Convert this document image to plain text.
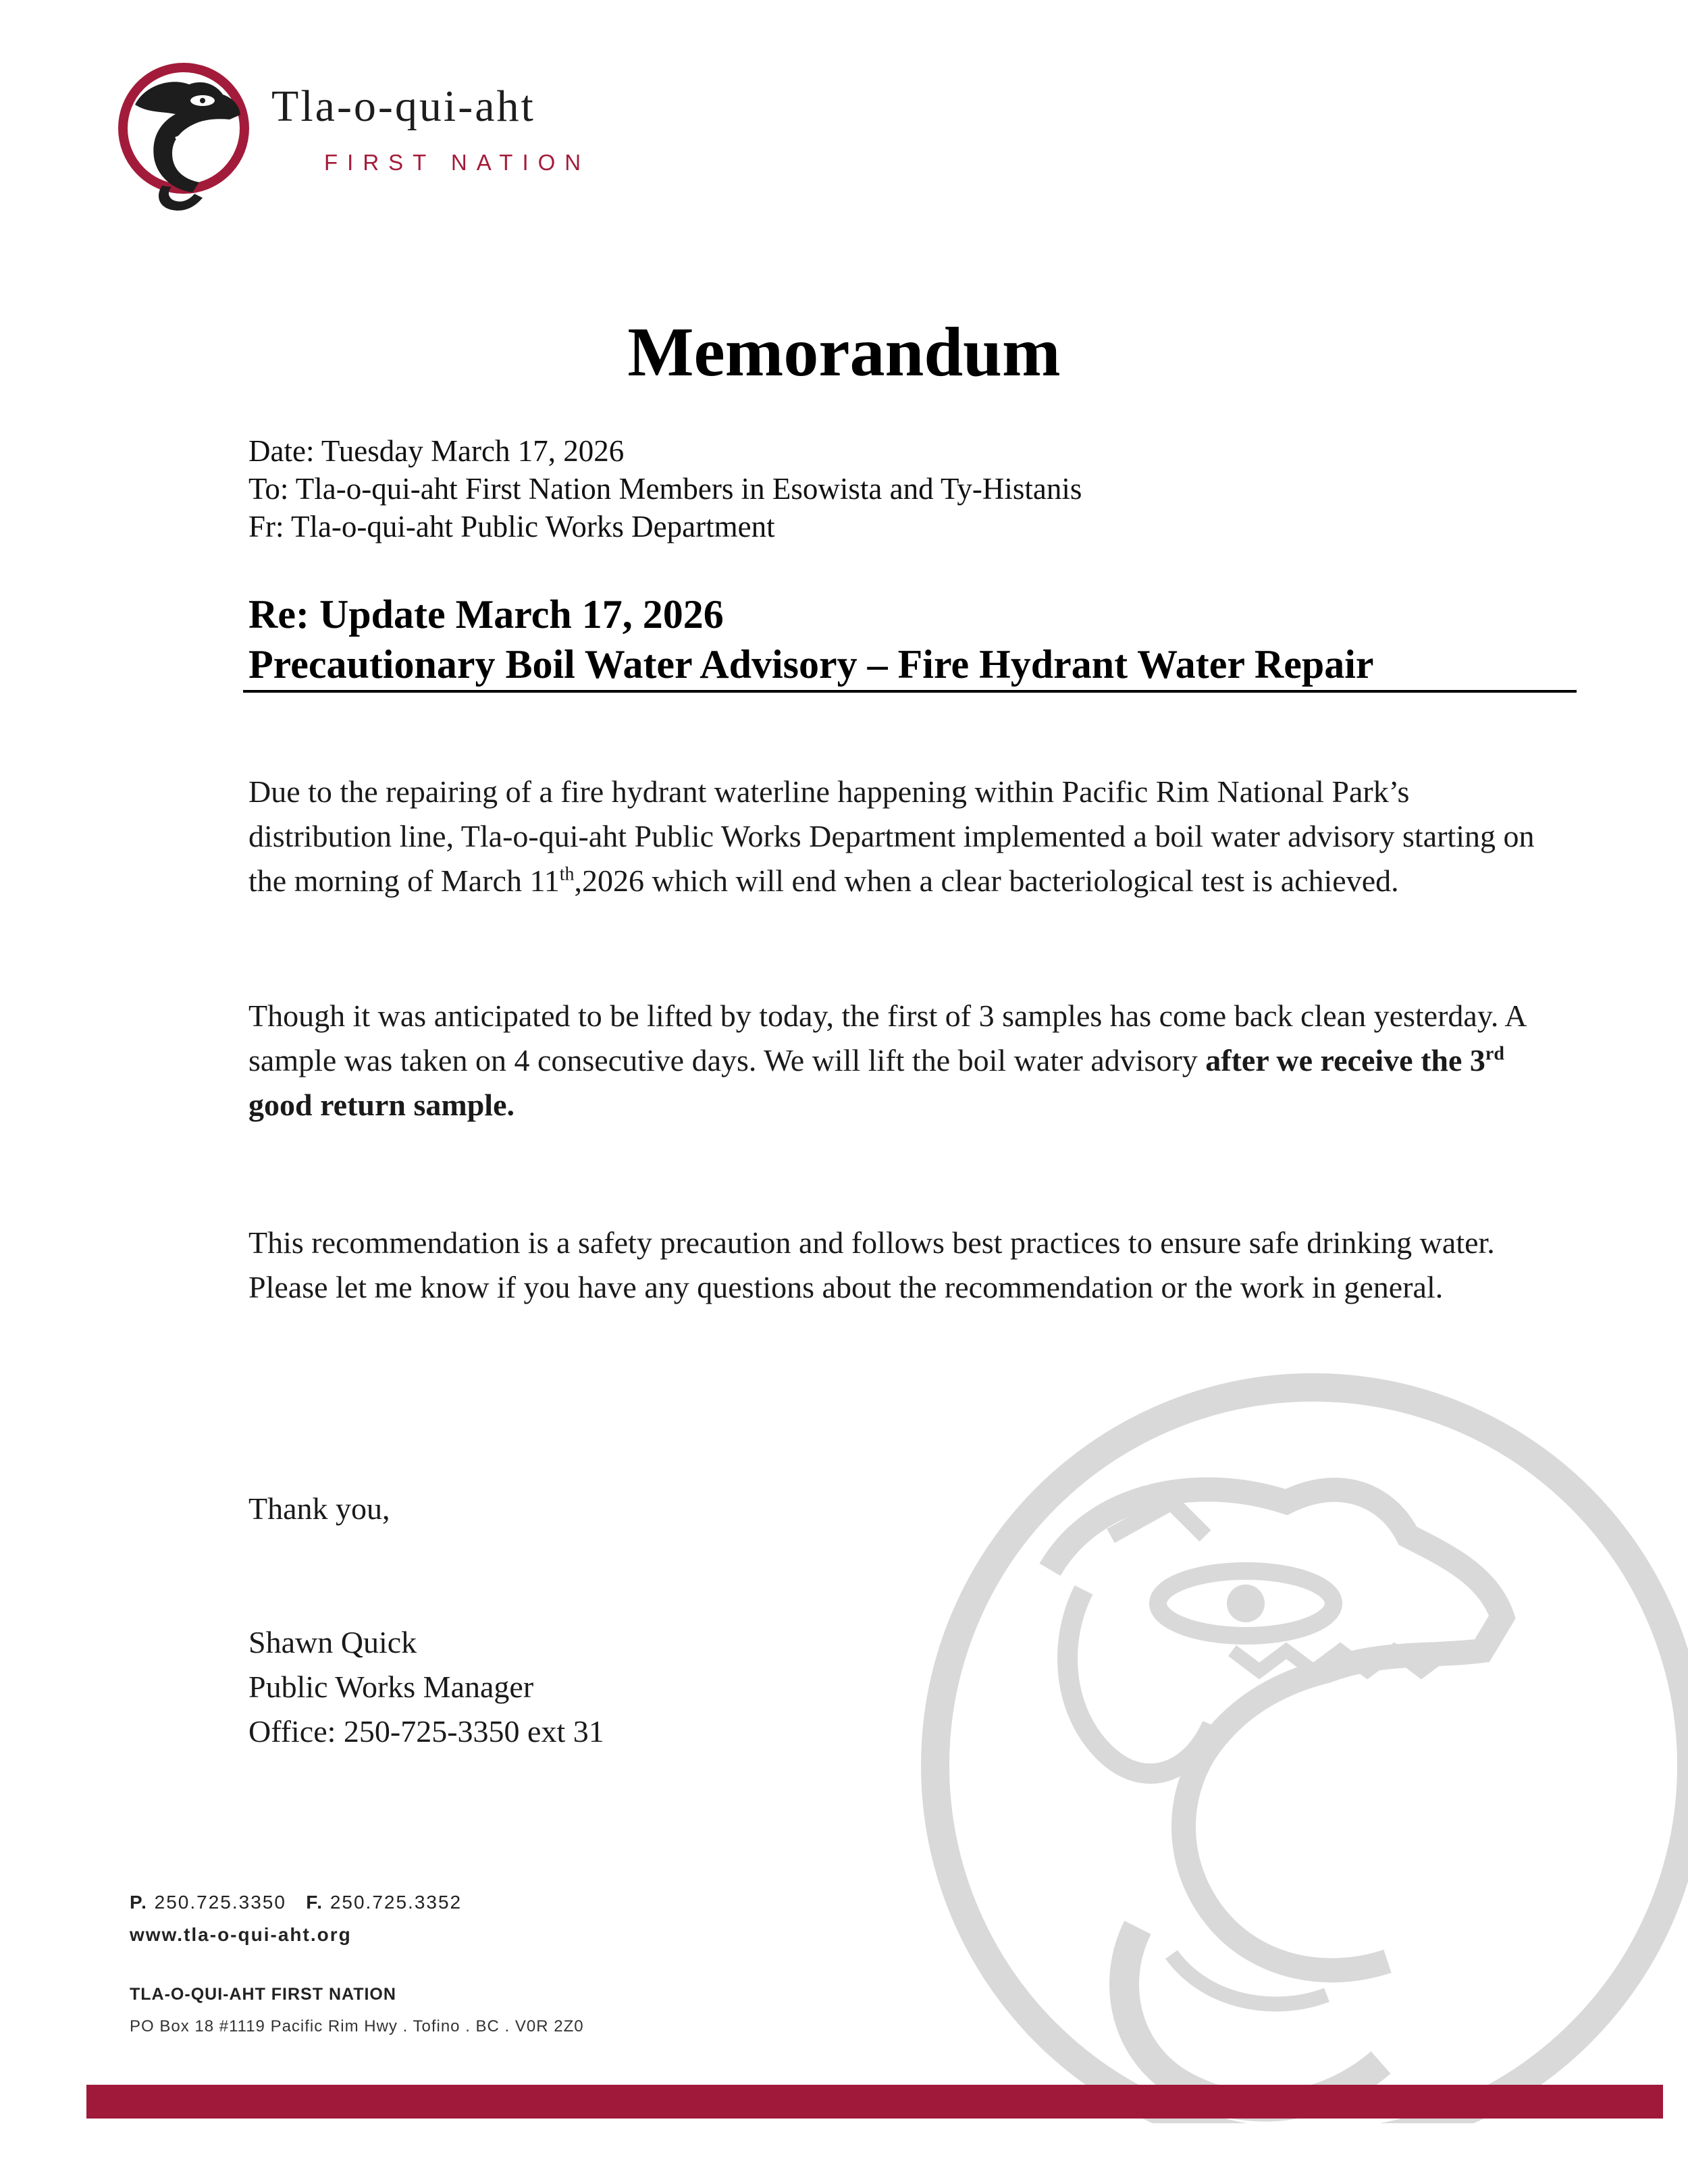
Tla-o-qui-aht
FIRST NATION
Memorandum
Date: Tuesday March 17, 2026
To: Tla-o-qui-aht First Nation Members in Esowista and Ty-Histanis
Fr: Tla-o-qui-aht Public Works Department
Re: Update March 17, 2026
Precautionary Boil Water Advisory – Fire Hydrant Water Repair
Due to the repairing of a fire hydrant waterline happening within Pacific Rim National Park’s distribution line, Tla-o-qui-aht Public Works Department implemented a boil water advisory starting on the morning of March 11th,2026 which will end when a clear bacteriological test is achieved.
Though it was anticipated to be lifted by today, the first of 3 samples has come back clean yesterday. A sample was taken on 4 consecutive days. We will lift the boil water advisory after we receive the 3rd good return sample.
This recommendation is a safety precaution and follows best practices to ensure safe drinking water. Please let me know if you have any questions about the recommendation or the work in general.
Thank you,
Shawn Quick
Public Works Manager
Office: 250-725-3350 ext 31
P. 250.725.3350 F. 250.725.3352
www.tla-o-qui-aht.org
TLA-O-QUI-AHT FIRST NATION
PO Box 18 #1119 Pacific Rim Hwy . Tofino . BC . V0R 2Z0
